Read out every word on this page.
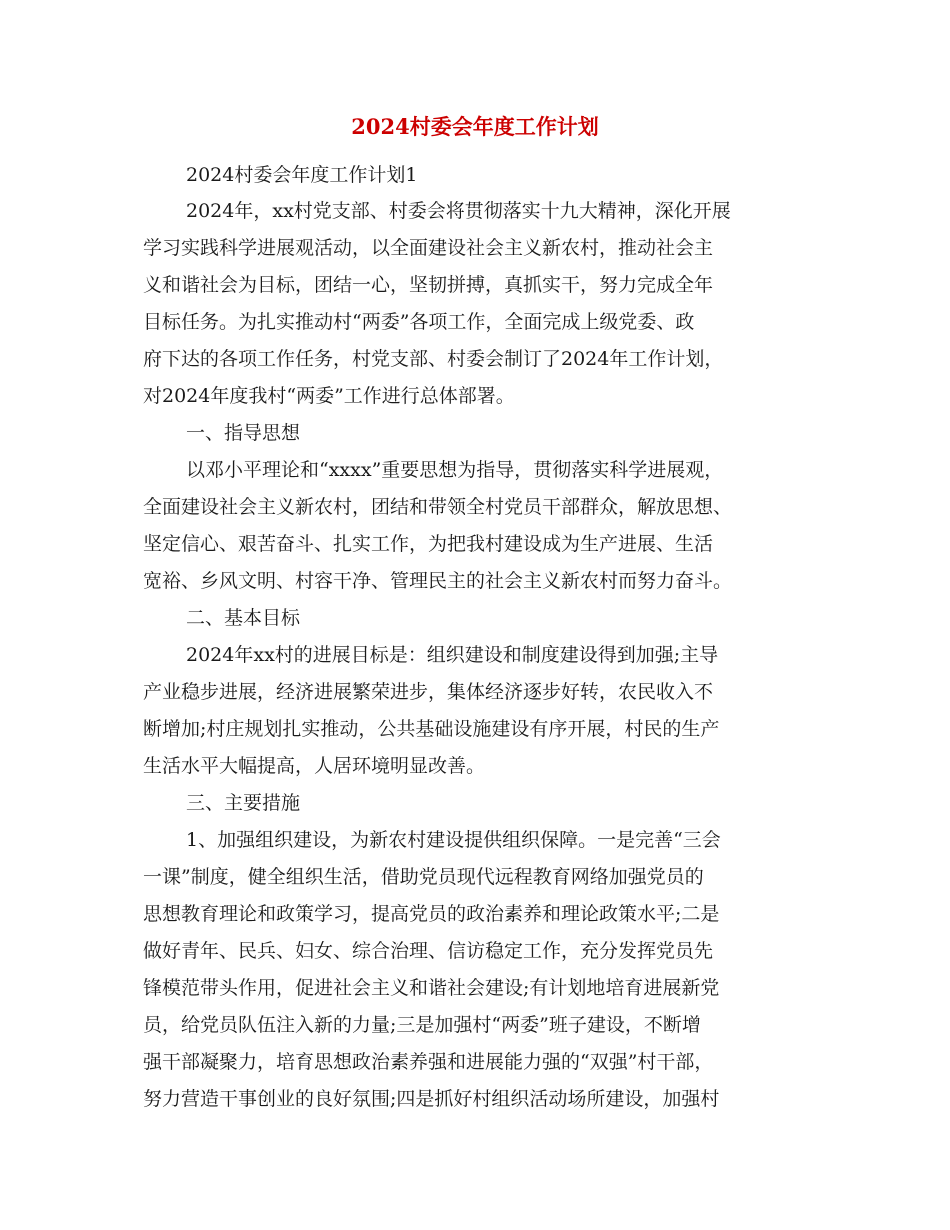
2024村委会年度工作计划
2024村委会年度工作计划1
2024年，xx村党支部、村委会将贯彻落实十九大精神，深化开展
学习实践科学进展观活动，以全面建设社会主义新农村，推动社会主
义和谐社会为目标，团结一心，坚韧拼搏，真抓实干，努力完成全年
目标任务。为扎实推动村“两委”各项工作，全面完成上级党委、政
府下达的各项工作任务，村党支部、村委会制订了2024年工作计划，
对2024年度我村“两委”工作进行总体部署。
一、指导思想
以邓小平理论和“xxxx”重要思想为指导，贯彻落实科学进展观，
全面建设社会主义新农村，团结和带领全村党员干部群众，解放思想、
坚定信心、艰苦奋斗、扎实工作，为把我村建设成为生产进展、生活
宽裕、乡风文明、村容干净、管理民主的社会主义新农村而努力奋斗。
二、基本目标
2024年xx村的进展目标是：组织建设和制度建设得到加强;主导
产业稳步进展，经济进展繁荣进步，集体经济逐步好转，农民收入不
断增加;村庄规划扎实推动，公共基础设施建设有序开展，村民的生产
生活水平大幅提高，人居环境明显改善。
三、主要措施
1、加强组织建设，为新农村建设提供组织保障。一是完善“三会
一课”制度，健全组织生活，借助党员现代远程教育网络加强党员的
思想教育理论和政策学习，提高党员的政治素养和理论政策水平;二是
做好青年、民兵、妇女、综合治理、信访稳定工作，充分发挥党员先
锋模范带头作用，促进社会主义和谐社会建设;有计划地培育进展新党
员，给党员队伍注入新的力量;三是加强村“两委”班子建设，不断增
强干部凝聚力，培育思想政治素养强和进展能力强的“双强”村干部，
努力营造干事创业的良好氛围;四是抓好村组织活动场所建设，加强村
